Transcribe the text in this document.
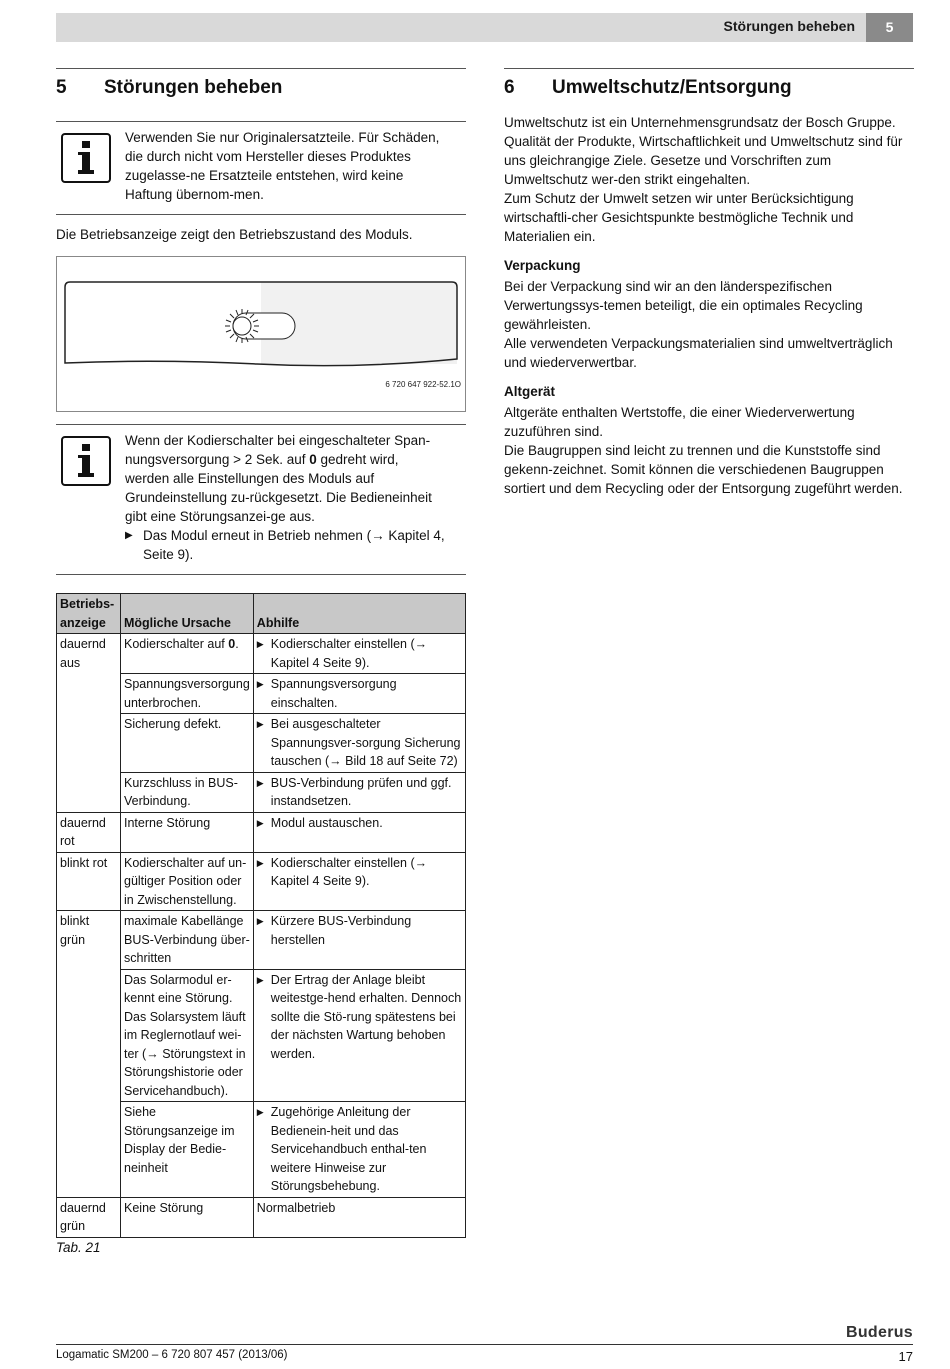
Störungen beheben	5
5	Störungen beheben
Verwenden Sie nur Originalersatzteile. Für Schäden, die durch nicht vom Hersteller dieses Produktes zugelasse-ne Ersatzteile entstehen, wird keine Haftung übernom-men.

Die Betriebsanzeige zeigt den Betriebszustand des Moduls.

6 720 647 922-52.1O

Wenn der Kodierschalter bei eingeschalteter Span-nungsversorgung > 2 Sek. auf 0 gedreht wird, werden alle Einstellungen des Moduls auf Grundeinstellung zu-rückgesetzt. Die Bedieneinheit gibt eine Störungsanzei-ge aus.

▶ Das Modul erneut in Betrieb nehmen (→ Kapitel 4, Seite 9).
Betriebs-anzeige	Mögliche Ursache	Abhilfe
dauernd aus	Kodierschalter auf 0.	▶ Kodierschalter einstellen (→ Kapitel 4 Seite 9).

	Spannungsversorgung unterbrochen.	▶ Spannungsversorgung einschalten.

	Sicherung defekt.	▶ Bei ausgeschalteter Spannungsver-sorgung Sicherung tauschen (→ Bild 18 auf Seite 72)

	Kurzschluss in BUS-Verbindung.	▶ BUS-Verbindung prüfen und ggf. instandsetzen.

dauernd rot	Interne Störung	▶ Modul austauschen.

blinkt rot	Kodierschalter auf un-gültiger Position oder in Zwischenstellung.	▶ Kodierschalter einstellen (→ Kapitel 4 Seite 9).

blinkt grün	maximale Kabellänge BUS-Verbindung über-schritten	▶ Kürzere BUS-Verbindung herstellen

	Das Solarmodul er-kennt eine Störung. Das Solarsystem läuft im Reglernotlauf wei-ter (→ Störungstext in Störungshistorie oder Servicehandbuch).	▶ Der Ertrag der Anlage bleibt weitestge-hend erhalten. Dennoch sollte die Stö-rung spätestens bei der nächsten Wartung behoben werden.

	Siehe Störungsanzeige im Display der Bedie-neinheit	▶ Zugehörige Anleitung der Bedienein-heit und das Servicehandbuch enthal-ten weitere Hinweise zur Störungsbehebung.

dauernd grün	Keine Störung	Normalbetrieb
Tab. 21
6	Umweltschutz/Entsorgung

Umweltschutz ist ein Unternehmensgrundsatz der Bosch Gruppe. Qualität der Produkte, Wirtschaftlichkeit und Umweltschutz sind für uns gleichrangige Ziele. Gesetze und Vorschriften zum Umweltschutz wer-den strikt eingehalten.

Zum Schutz der Umwelt setzen wir unter Berücksichtigung wirtschaftli-cher Gesichtspunkte bestmögliche Technik und Materialien ein.

Verpackung

Bei der Verpackung sind wir an den länderspezifischen Verwertungssys-temen beteiligt, die ein optimales Recycling gewährleisten.

Alle verwendeten Verpackungsmaterialien sind umweltverträglich und wiederverwertbar.

Altgerät

Altgeräte enthalten Wertstoffe, die einer Wiederverwertung zuzuführen sind.

Die Baugruppen sind leicht zu trennen und die Kunststoffe sind gekenn-zeichnet. Somit können die verschiedenen Baugruppen sortiert und dem Recycling oder der Entsorgung zugeführt werden.

Buderus
Logamatic SM200 – 6 720 807 457 (2013/06)	17
